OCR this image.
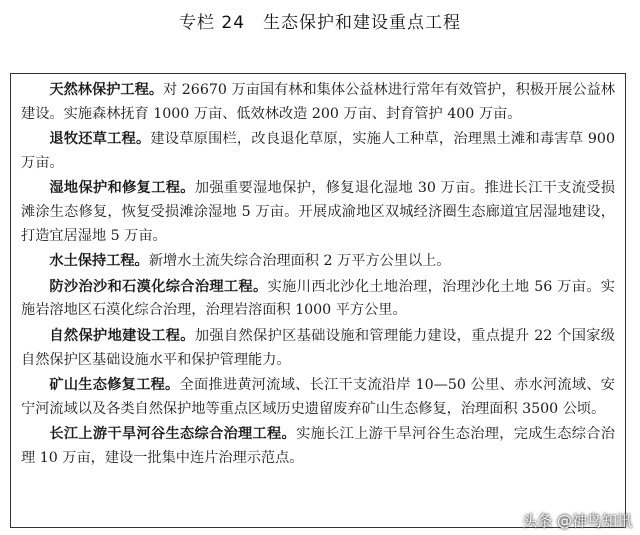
专栏 24　生态保护和建设重点工程

天然林保护工程。对 26670 万亩国有林和集体公益林进行常年有效管护，积极开展公益林建设。实施森林抚育 1000 万亩、低效林改造 200 万亩、封育管护 400 万亩。

退牧还草工程。建设草原围栏，改良退化草原，实施人工种草，治理黑土滩和毒害草 900 万亩。

湿地保护和修复工程。加强重要湿地保护，修复退化湿地 30 万亩。推进长江干支流受损滩涂生态修复，恢复受损滩涂湿地 5 万亩。开展成渝地区双城经济圈生态廊道宜居湿地建设，打造宜居湿地 5 万亩。

水土保持工程。新增水土流失综合治理面积 2 万平方公里以上。

防沙治沙和石漠化综合治理工程。实施川西北沙化土地治理，治理沙化土地 56 万亩。实施岩溶地区石漠化综合治理，治理岩溶面积 1000 平方公里。

自然保护地建设工程。加强自然保护区基础设施和管理能力建设，重点提升 22 个国家级自然保护区基础设施水平和保护管理能力。

矿山生态修复工程。全面推进黄河流域、长江干支流沿岸 10—50 公里、赤水河流域、安宁河流域以及各类自然保护地等重点区域历史遗留废弃矿山生态修复，治理面积 3500 公顷。

长江上游干旱河谷生态综合治理工程。实施长江上游干旱河谷生态治理，完成生态综合治理 10 万亩，建设一批集中连片治理示范点。

头条 @神鸟知讯
